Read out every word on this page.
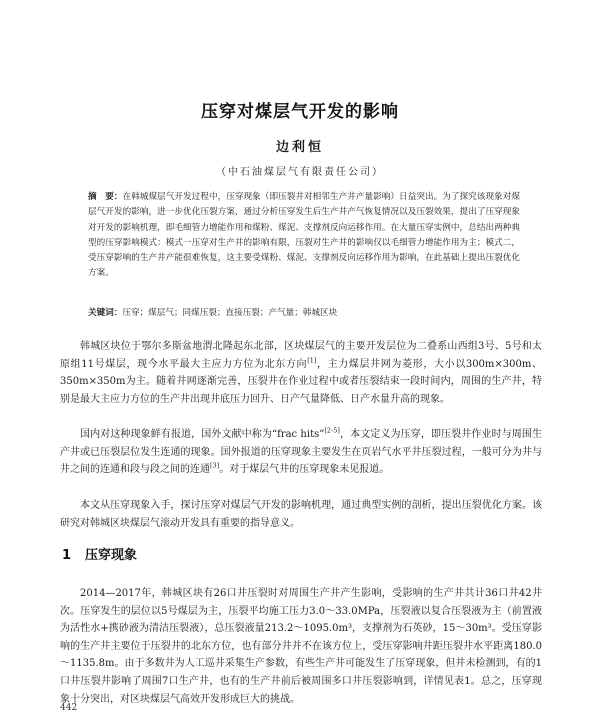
压穿对煤层气开发的影响
边利恒
（中石油煤层气有限责任公司）
摘　要：在韩城煤层气开发过程中，压穿现象（即压裂井对相邻生产井产量影响）日益突出。为了探究该现象对煤层气开发的影响，进一步优化压裂方案，通过分析压穿发生后生产井产气恢复情况以及压裂效果，提出了压穿现象对开发的影响机理，即毛细管力增能作用和煤粉、煤泥、支撑剂反向运移作用。在大量压穿实例中，总结出两种典型的压穿影响模式：模式一压穿对生产井的影响有限，压裂对生产井的影响仅以毛细管力增能作用为主；模式二，受压穿影响的生产井产能很难恢复，这主要受煤粉、煤泥、支撑剂反向运移作用为影响，在此基础上提出压裂优化方案。
关键词：压穿；煤层气；同煤压裂；直接压裂；产气量；韩城区块
韩城区块位于鄂尔多斯盆地渭北隆起东北部，区块煤层气的主要开发层位为二叠系山西组3号、5号和太原组11号煤层，现今水平最大主应力方位为北东方向[1]，主力煤层井网为菱形，大小以300m×300m、350m×350m为主。随着井网逐渐完善，压裂井在作业过程中或者压裂结束一段时间内，周围的生产井，特别是最大主应力方位的生产井出现井底压力回升、日产气量降低、日产水量升高的现象。
国内对这种现象鲜有报道，国外文献中称为“frac hits”[2-5]，本文定义为压穿，即压裂井作业时与周围生产井或已压裂层位发生连通的现象。国外报道的压穿现象主要发生在页岩气水平井压裂过程，一般可分为井与井之间的连通和段与段之间的连通[3]。对于煤层气井的压穿现象未见报道。
本文从压穿现象入手，探讨压穿对煤层气开发的影响机理，通过典型实例的剖析，提出压裂优化方案。该研究对韩城区块煤层气滚动开发具有重要的指导意义。
1 压穿现象
2014—2017年，韩城区块有26口井压裂时对周围生产井产生影响，受影响的生产井共计36口井42井次。压穿发生的层位以5号煤层为主，压裂平均施工压力3.0～33.0MPa，压裂液以复合压裂液为主（前置液为活性水+携砂液为清洁压裂液），总压裂液量213.2～1095.0m³，支撑剂为石英砂，15～30m³。受压穿影响的生产井主要位于压裂井的北东方位，也有部分井并不在该方位上，受压穿影响井距压裂井水平距离180.0～1135.8m。由于多数井为人工巡井采集生产参数，有些生产井可能发生了压穿现象，但井未检测到，有的1口井压裂井影响了周围7口生产井，也有的生产井前后被周围多口井压裂影响到，详情见表1。总之，压穿现象十分突出，对区块煤层气高效开发形成巨大的挑战。
442
